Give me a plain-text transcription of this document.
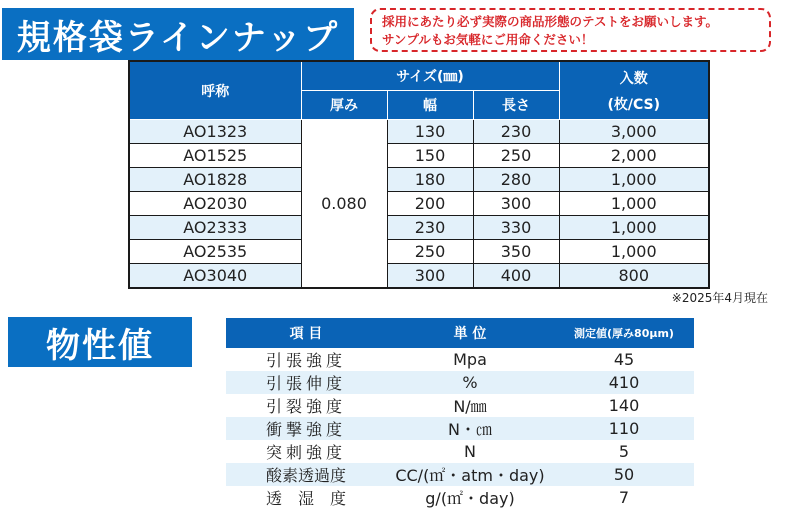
規格袋ラインナップ	採用にあたり必ず実際の商品形態のテストをお願いします。
サンプルもお気軽にご用命ください！
呼称	サイズ(㎜)			入数
(枚/CS)

	厚み	幅	長さ	
AO1323	0.080	130	230	3,000
AO1525		150	250	2,000
AO1828		180	280	1,000
AO2030		200	300	1,000
AO2333		230	330	1,000
AO2535		250	350	1,000
AO3040		300	400	800
※2025年4月現在
物性値	項 目	単 位	測定値(厚み80μm)
引張強度	Mpa	45
引張伸度	%	410
引裂強度	N/㎜	140
衝撃強度	N・㎝	110
突刺強度	N	5
酸素透過度	CC/(㎡・atm・day)	50
透　湿　度	g/(㎡・day)	7
